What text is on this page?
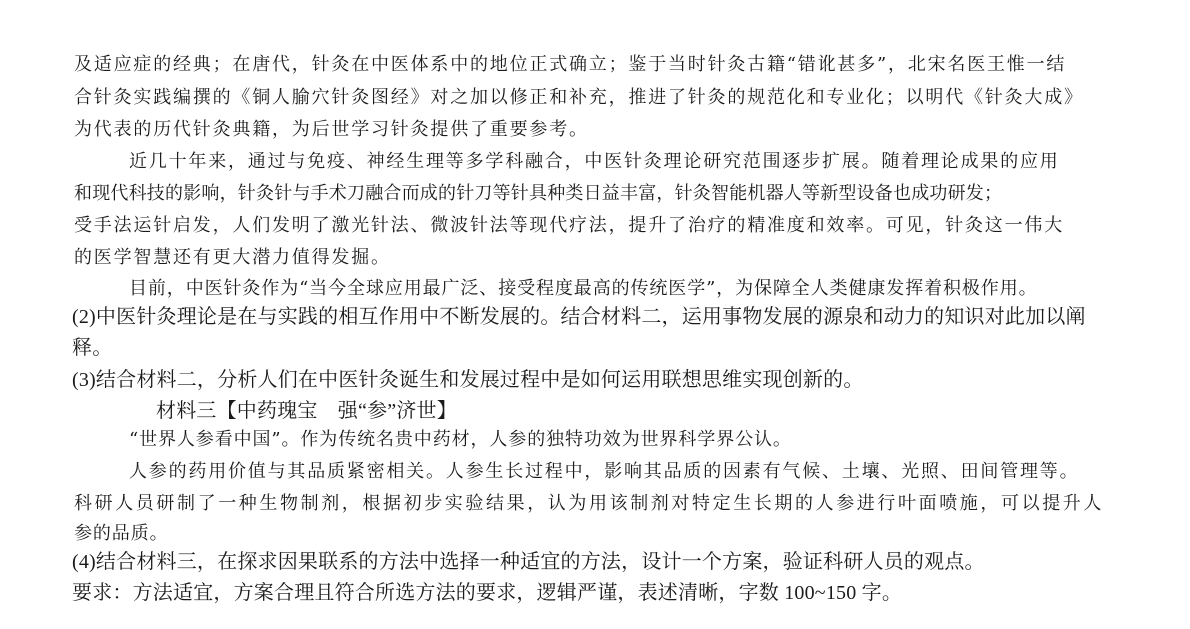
及适应症的经典；在唐代，针灸在中医体系中的地位正式确立；鉴于当时针灸古籍“错讹甚多”，北宋名医王惟一结
合针灸实践编撰的《铜人腧穴针灸图经》对之加以修正和补充，推进了针灸的规范化和专业化；以明代《针灸大成》
为代表的历代针灸典籍，为后世学习针灸提供了重要参考。
近几十年来，通过与免疫、神经生理等多学科融合，中医针灸理论研究范围逐步扩展。随着理论成果的应用
和现代科技的影响，针灸针与手术刀融合而成的针刀等针具种类日益丰富，针灸智能机器人等新型设备也成功研发；
受手法运针启发，人们发明了激光针法、微波针法等现代疗法，提升了治疗的精准度和效率。可见，针灸这一伟大
的医学智慧还有更大潜力值得发掘。
目前，中医针灸作为“当今全球应用最广泛、接受程度最高的传统医学”，为保障全人类健康发挥着积极作用。
(2)中医针灸理论是在与实践的相互作用中不断发展的。结合材料二，运用事物发展的源泉和动力的知识对此加以阐
释。
(3)结合材料二，分析人们在中医针灸诞生和发展过程中是如何运用联想思维实现创新的。
材料三【中药瑰宝　强“参”济世】
“世界人参看中国”。作为传统名贵中药材，人参的独特功效为世界科学界公认。
人参的药用价值与其品质紧密相关。人参生长过程中，影响其品质的因素有气候、土壤、光照、田间管理等。
科研人员研制了一种生物制剂，根据初步实验结果，认为用该制剂对特定生长期的人参进行叶面喷施，可以提升人
参的品质。
(4)结合材料三，在探求因果联系的方法中选择一种适宜的方法，设计一个方案，验证科研人员的观点。
要求：方法适宜，方案合理且符合所选方法的要求，逻辑严谨，表述清晰，字数 100~150 字。
